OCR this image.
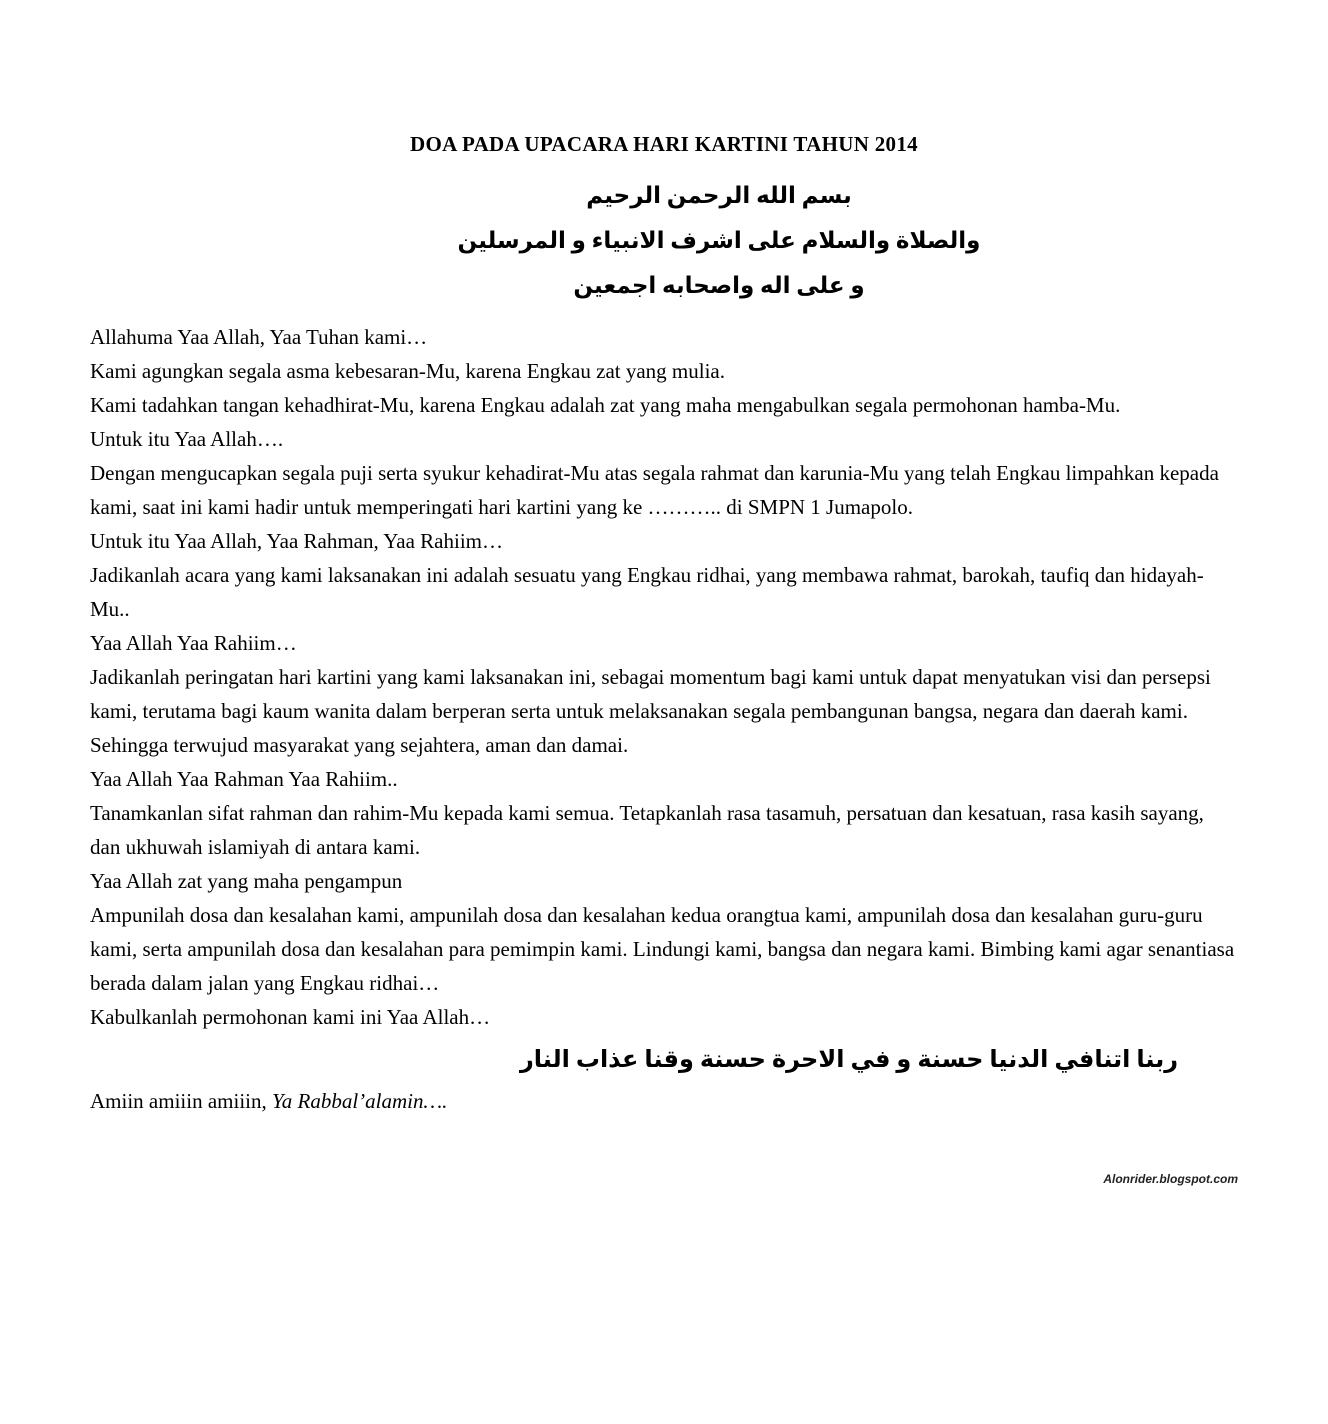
DOA PADA UPACARA HARI KARTINI TAHUN 2014

بسم الله الرحمن الرحيم

والصلاة والسلام على اشرف الانبياء و المرسلين

و على اله واصحابه اجمعين

Allahuma Yaa Allah, Yaa Tuhan kami…

Kami agungkan segala asma kebesaran-Mu, karena Engkau zat yang mulia.

Kami tadahkan tangan kehadhirat-Mu, karena Engkau adalah zat yang maha mengabulkan segala permohonan hamba-Mu.

Untuk itu Yaa Allah….

Dengan mengucapkan segala puji serta syukur kehadirat-Mu atas segala rahmat dan karunia-Mu yang telah Engkau limpahkan kepada kami, saat ini kami hadir untuk memperingati hari kartini yang ke ……….. di SMPN 1 Jumapolo.

Untuk itu Yaa Allah, Yaa Rahman, Yaa Rahiim…

Jadikanlah acara yang kami laksanakan ini adalah sesuatu yang Engkau ridhai, yang membawa rahmat, barokah, taufiq dan hidayah-Mu..

Yaa Allah Yaa Rahiim…

Jadikanlah peringatan hari kartini yang kami laksanakan ini, sebagai momentum bagi kami untuk dapat menyatukan visi dan persepsi kami, terutama bagi kaum wanita dalam berperan serta untuk melaksanakan segala pembangunan bangsa, negara dan daerah kami. Sehingga terwujud masyarakat yang sejahtera, aman dan damai.

Yaa Allah Yaa Rahman Yaa Rahiim..

Tanamkanlan sifat rahman dan rahim-Mu kepada kami semua. Tetapkanlah rasa tasamuh, persatuan dan kesatuan, rasa kasih sayang, dan ukhuwah islamiyah di antara kami.

Yaa Allah zat yang maha pengampun

Ampunilah dosa dan kesalahan kami, ampunilah dosa dan kesalahan kedua orangtua kami, ampunilah dosa dan kesalahan guru-guru kami, serta ampunilah dosa dan kesalahan para pemimpin kami. Lindungi kami, bangsa dan negara kami. Bimbing kami agar senantiasa berada dalam jalan yang Engkau ridhai…

Kabulkanlah permohonan kami ini Yaa Allah…

ربنا اتنافي الدنيا حسنة و في الاحرة حسنة وقنا عذاب النار

Amiin amiiin amiiin, Ya Rabbal’alamin….

Alonrider.blogspot.com
